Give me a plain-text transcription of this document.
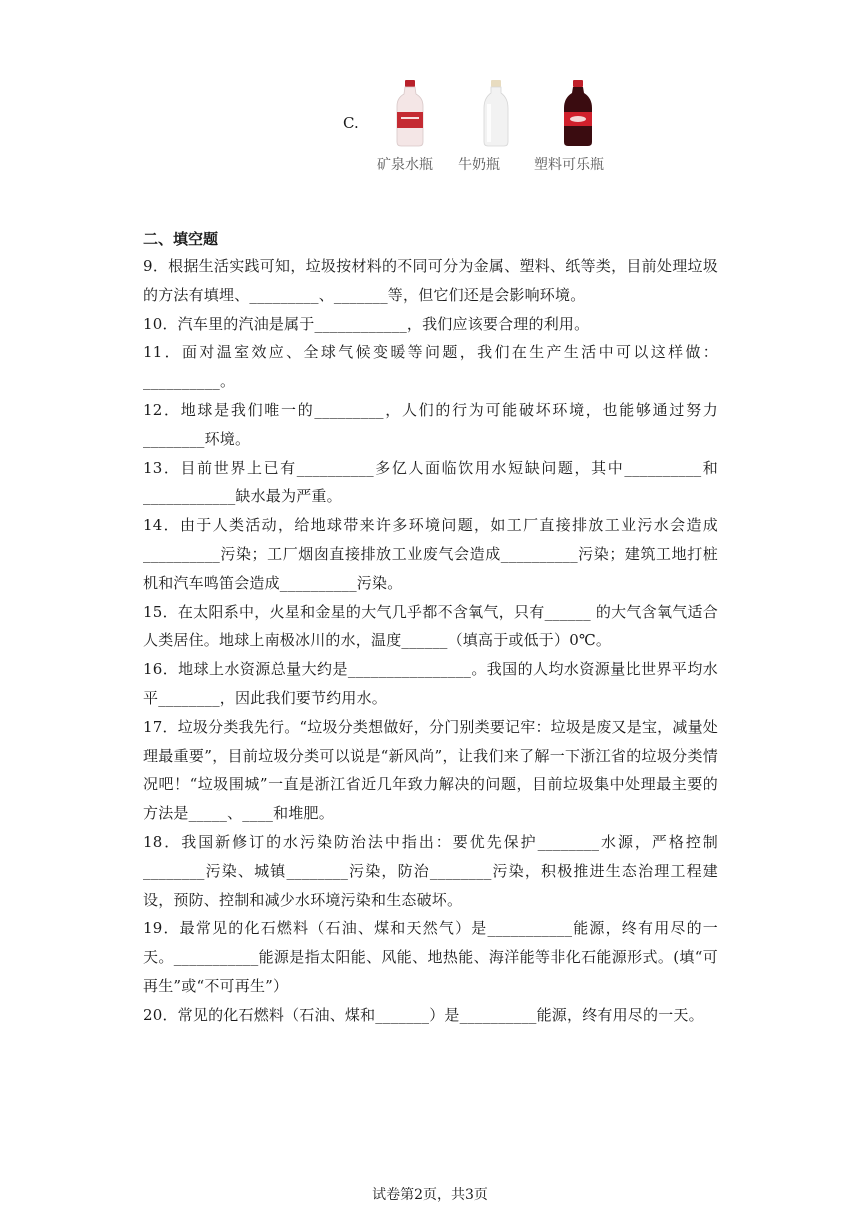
C.
矿泉水瓶 牛奶瓶 塑料可乐瓶
二、填空题

9．根据生活实践可知，垃圾按材料的不同可分为金属、塑料、纸等类，目前处理垃圾的方法有填埋、_________、_______等，但它们还是会影响环境。

10．汽车里的汽油是属于____________，我们应该要合理的利用。

11．面对温室效应、全球气候变暖等问题，我们在生产生活中可以这样做：__________。

12．地球是我们唯一的_________，人们的行为可能破坏环境，也能够通过努力________环境。

13．目前世界上已有__________多亿人面临饮用水短缺问题，其中__________和____________缺水最为严重。

14．由于人类活动，给地球带来许多环境问题，如工厂直接排放工业污水会造成__________污染；工厂烟囱直接排放工业废气会造成__________污染；建筑工地打桩机和汽车鸣笛会造成__________污染。

15．在太阳系中，火星和金星的大气几乎都不含氧气，只有______ 的大气含氧气适合人类居住。地球上南极冰川的水，温度______（填高于或低于）0℃。

16．地球上水资源总量大约是________________。我国的人均水资源量比世界平均水平________，因此我们要节约用水。

17．垃圾分类我先行。“垃圾分类想做好，分门别类要记牢：垃圾是废又是宝，减量处理最重要”，目前垃圾分类可以说是“新风尚”，让我们来了解一下浙江省的垃圾分类情况吧！“垃圾围城”一直是浙江省近几年致力解决的问题，目前垃圾集中处理最主要的方法是_____、____和堆肥。

18．我国新修订的水污染防治法中指出：要优先保护________水源，严格控制________污染、城镇________污染，防治________污染，积极推进生态治理工程建设，预防、控制和减少水环境污染和生态破坏。

19．最常见的化石燃料（石油、煤和天然气）是___________能源，终有用尽的一天。___________能源是指太阳能、风能、地热能、海洋能等非化石能源形式。(填“可再生”或“不可再生”）

20．常见的化石燃料（石油、煤和_______）是__________能源，终有用尽的一天。

试卷第2页，共3页
